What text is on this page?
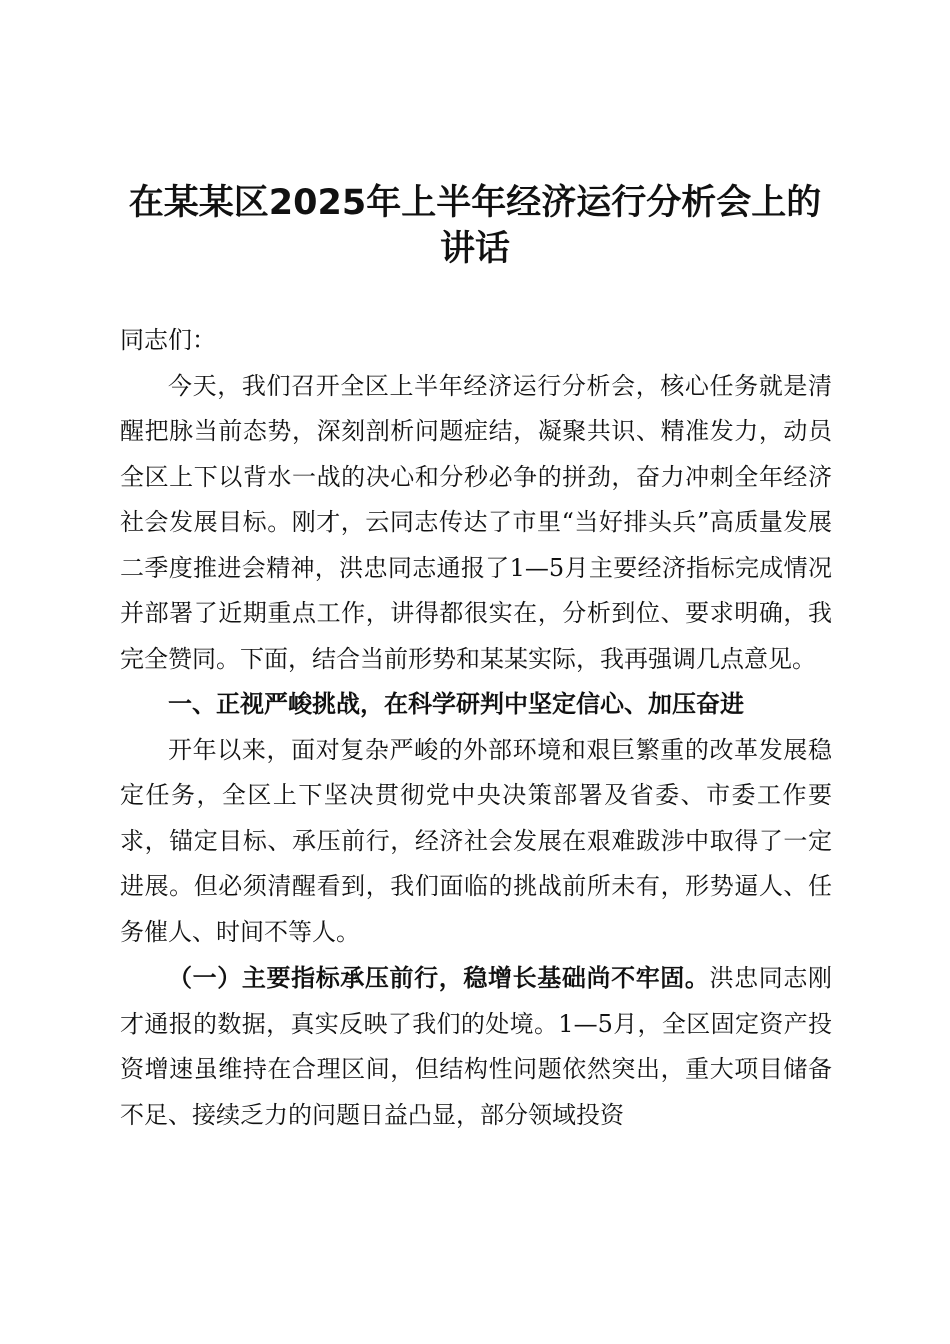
在某某区2025年上半年经济运行分析会上的
讲话

同志们：

今天，我们召开全区上半年经济运行分析会，核心任务就是清醒把脉当前态势，深刻剖析问题症结，凝聚共识、精准发力，动员全区上下以背水一战的决心和分秒必争的拼劲，奋力冲刺全年经济社会发展目标。刚才，云同志传达了市里“当好排头兵”高质量发展二季度推进会精神，洪忠同志通报了1—5月主要经济指标完成情况并部署了近期重点工作，讲得都很实在，分析到位、要求明确，我完全赞同。下面，结合当前形势和某某实际，我再强调几点意见。

一、正视严峻挑战，在科学研判中坚定信心、加压奋进

开年以来，面对复杂严峻的外部环境和艰巨繁重的改革发展稳定任务，全区上下坚决贯彻党中央决策部署及省委、市委工作要求，锚定目标、承压前行，经济社会发展在艰难跋涉中取得了一定进展。但必须清醒看到，我们面临的挑战前所未有，形势逼人、任务催人、时间不等人。

（一）主要指标承压前行，稳增长基础尚不牢固。洪忠同志刚才通报的数据，真实反映了我们的处境。1—5月，全区固定资产投资增速虽维持在合理区间，但结构性问题依然突出，重大项目储备不足、接续乏力的问题日益凸显，部分领域投资
